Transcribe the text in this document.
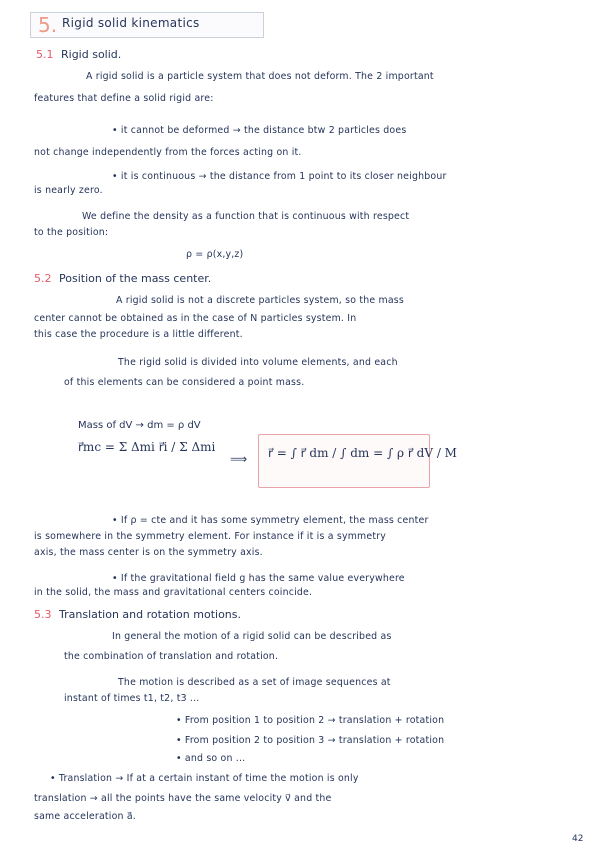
5. Rigid solid kinematics
5.1 Rigid solid.
A rigid solid is a particle system that does not deform. The 2 important
features that define a solid rigid are:
• it cannot be deformed → the distance btw 2 particles does
not change independently from the forces acting on it.
• it is continuous → the distance from 1 point to its closer neighbour
is nearly zero.
We define the density as a function that is continuous with respect
to the position:
ρ = ρ(x,y,z)
5.2 Position of the mass center.
A rigid solid is not a discrete particles system, so the mass
center cannot be obtained as in the case of N particles system. In
this case the procedure is a little different.
The rigid solid is divided into volume elements, and each
of this elements can be considered a point mass.
Mass of dV → dm = ρ dV
r⃗mc = Σ Δmi r⃗i / Σ Δmi
⟹ r⃗ = ∫ r⃗ dm / ∫ dm = ∫ ρ r⃗ dV / M
• If ρ = cte and it has some symmetry element, the mass center
is somewhere in the symmetry element. For instance if it is a symmetry
axis, the mass center is on the symmetry axis.
• If the gravitational field g has the same value everywhere
in the solid, the mass and gravitational centers coincide.
5.3 Translation and rotation motions.
In general the motion of a rigid solid can be described as
the combination of translation and rotation.
The motion is described as a set of image sequences at
instant of times t1, t2, t3 ...
• From position 1 to position 2 → translation + rotation
• From position 2 to position 3 → translation + rotation
• and so on ...
• Translation → If at a certain instant of time the motion is only
translation → all the points have the same velocity v⃗ and the
same acceleration a⃗.
42
